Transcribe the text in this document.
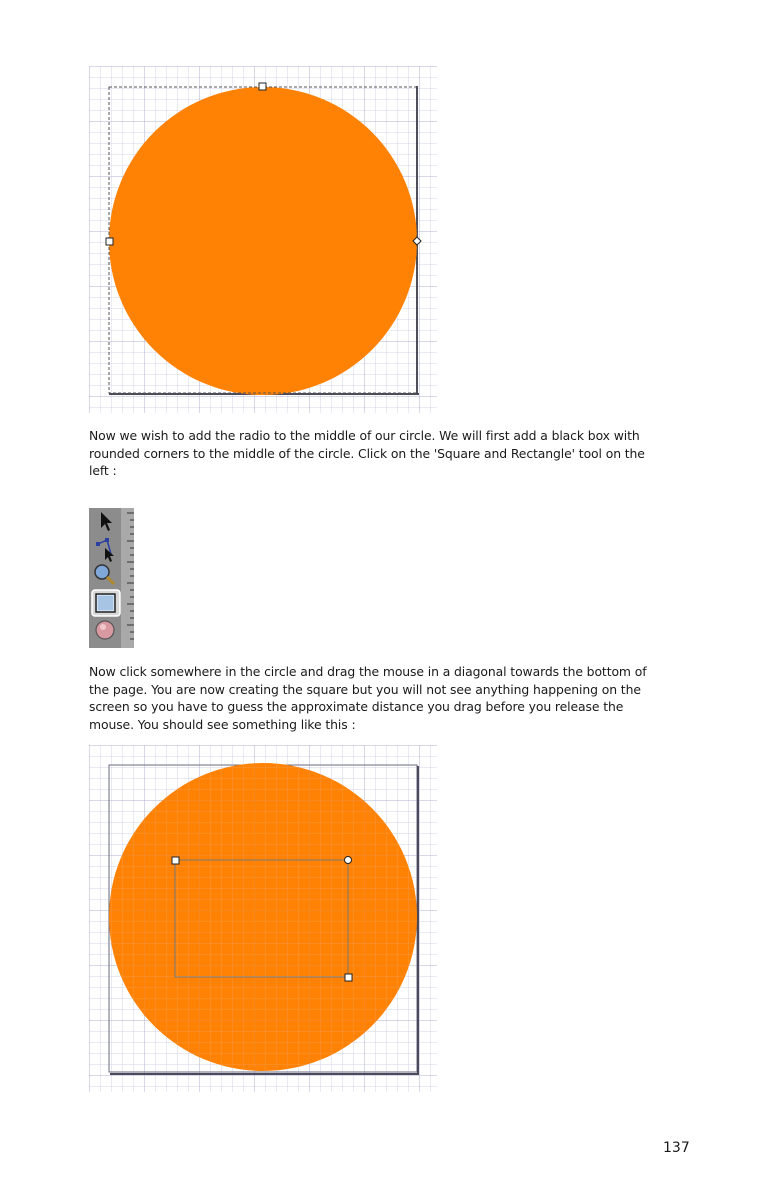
Now we wish to add the radio to the middle of our circle. We will first add a black box with rounded corners to the middle of the circle. Click on the 'Square and Rectangle' tool on the left :

Now click somewhere in the circle and drag the mouse in a diagonal towards the bottom of the page. You are now creating the square but you will not see anything happening on the screen so you have to guess the approximate distance you drag before you release the mouse. You should see something like this :

137
